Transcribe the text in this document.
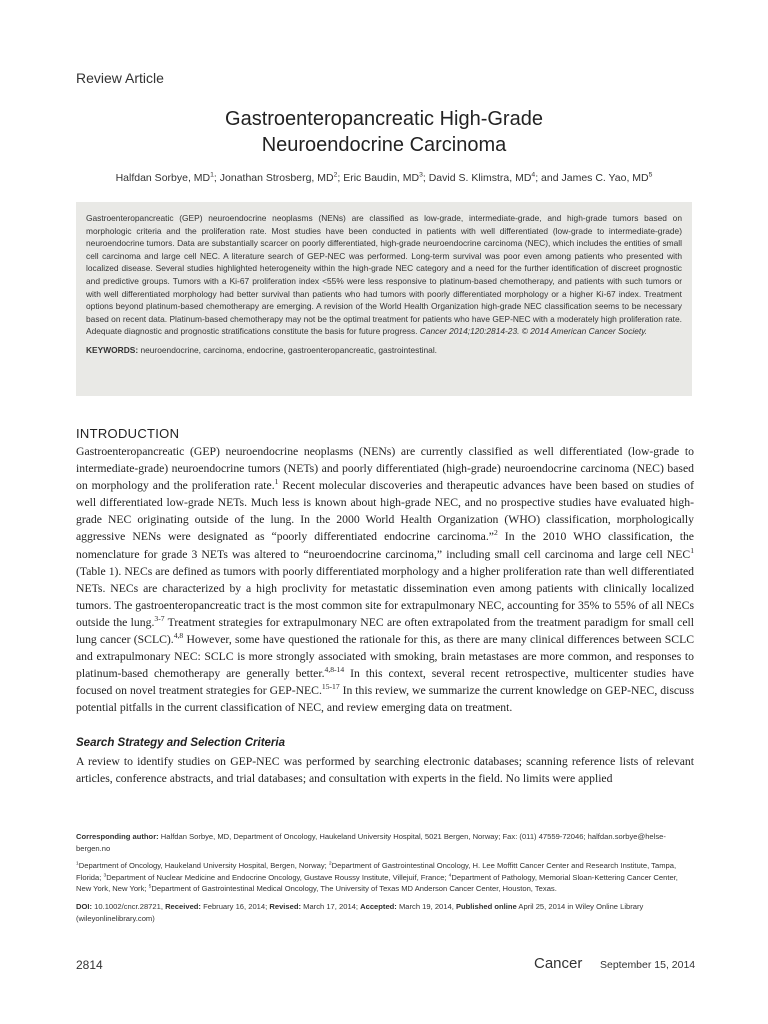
Review Article
Gastroenteropancreatic High-Grade
Neuroendocrine Carcinoma
Halfdan Sorbye, $MD^1$; Jonathan Strosberg, $MD^2$; Eric Baudin, $MD^3$; David S. Klimstra, $MD^4$; and James C. Yao, $MD^5$

Gastroenteropancreatic (GEP) neuroendocrine neoplasms (NENs) are classified as low-grade, intermediate-grade, and high-grade tumors based on morphologic criteria and the proliferation rate. Most studies have been conducted in patients with well differentiated (low-grade to intermediate-grade) neuroendocrine tumors. Data are substantially scarcer on poorly differentiated, high-grade neuroendocrine carcinoma (NEC), which includes the entities of small cell carcinoma and large cell NEC. A literature search of GEP-NEC was performed. Long-term survival was poor even among patients who presented with localized disease. Several studies highlighted heterogeneity within the high-grade NEC category and a need for the further identification of discreet prognostic and predictive groups. Tumors with a Ki-67 proliferation index <55% were less responsive to platinum-based chemotherapy, and patients with such tumors or with well differentiated morphology had better survival than patients who had tumors with poorly differentiated morphology or a higher Ki-67 index. Treatment options beyond platinum-based chemotherapy are emerging. A revision of the World Health Organization high-grade NEC classification seems to be necessary based on recent data. Platinum-based chemotherapy may not be the optimal treatment for patients who have GEP-NEC with a moderately high proliferation rate. Adequate diagnostic and prognostic stratifications constitute the basis for future progress. Cancer 2014;120:2814-23. © 2014 American Cancer Society.

KEYWORDS: neuroendocrine, carcinoma, endocrine, gastroenteropancreatic, gastrointestinal.

INTRODUCTION

Gastroenteropancreatic (GEP) neuroendocrine neoplasms (NENs) are currently classified as well differentiated (low-grade to intermediate-grade) neuroendocrine tumors (NETs) and poorly differentiated (high-grade) neuroendocrine carcinoma (NEC) based on morphology and the proliferation rate.$^1$ Recent molecular discoveries and therapeutic advances have been based on studies of well differentiated low-grade NETs. Much less is known about high-grade NEC, and no prospective studies have evaluated high-grade NEC originating outside of the lung. In the 2000 World Health Organization (WHO) classification, morphologically aggressive NENs were designated as “poorly differentiated endocrine carcinoma.”$^2$ In the 2010 WHO classification, the nomenclature for grade 3 NETs was altered to “neuroendocrine carcinoma,” including small cell carcinoma and large cell NEC$^1$ (Table 1). NECs are defined as tumors with poorly differentiated morphology and a higher proliferation rate than well differentiated NETs. NECs are characterized by a high proclivity for metastatic dissemination even among patients with clinically localized tumors. The gastroenteropancreatic tract is the most common site for extrapulmonary NEC, accounting for 35% to 55% of all NECs outside the lung.$^{3-7}$ Treatment strategies for extrapulmonary NEC are often extrapolated from the treatment paradigm for small cell lung cancer (SCLC).$^{4,8}$ However, some have questioned the rationale for this, as there are many clinical differences between SCLC and extrapulmonary NEC: SCLC is more strongly associated with smoking, brain metastases are more common, and responses to platinum-based chemotherapy are generally better.$^{4,8-14}$ In this context, several recent retrospective, multicenter studies have focused on novel treatment strategies for GEP-NEC.$^{15-17}$ In this review, we summarize the current knowledge on GEP-NEC, discuss potential pitfalls in the current classification of NEC, and review emerging data on treatment.

Search Strategy and Selection Criteria

A review to identify studies on GEP-NEC was performed by searching electronic databases; scanning reference lists of relevant articles, conference abstracts, and trial databases; and consultation with experts in the field. No limits were applied

Corresponding author: Halfdan Sorbye, MD, Department of Oncology, Haukeland University Hospital, 5021 Bergen, Norway; Fax: (011) 47559-72046; halfdan.sorbye@helse-bergen.no

$^1$Department of Oncology, Haukeland University Hospital, Bergen, Norway; $^2$Department of Gastrointestinal Oncology, H. Lee Moffitt Cancer Center and Research Institute, Tampa, Florida; $^3$Department of Nuclear Medicine and Endocrine Oncology, Gustave Roussy Institute, Villejuif, France; $^4$Department of Pathology, Memorial Sloan-Kettering Cancer Center, New York, New York; $^5$Department of Gastrointestinal Medical Oncology, The University of Texas MD Anderson Cancer Center, Houston, Texas.

DOI: 10.1002/cncr.28721, Received: February 16, 2014; Revised: March 17, 2014; Accepted: March 19, 2014, Published online April 25, 2014 in Wiley Online Library (wileyonlinelibrary.com)

2814	Cancer September 15, 2014
